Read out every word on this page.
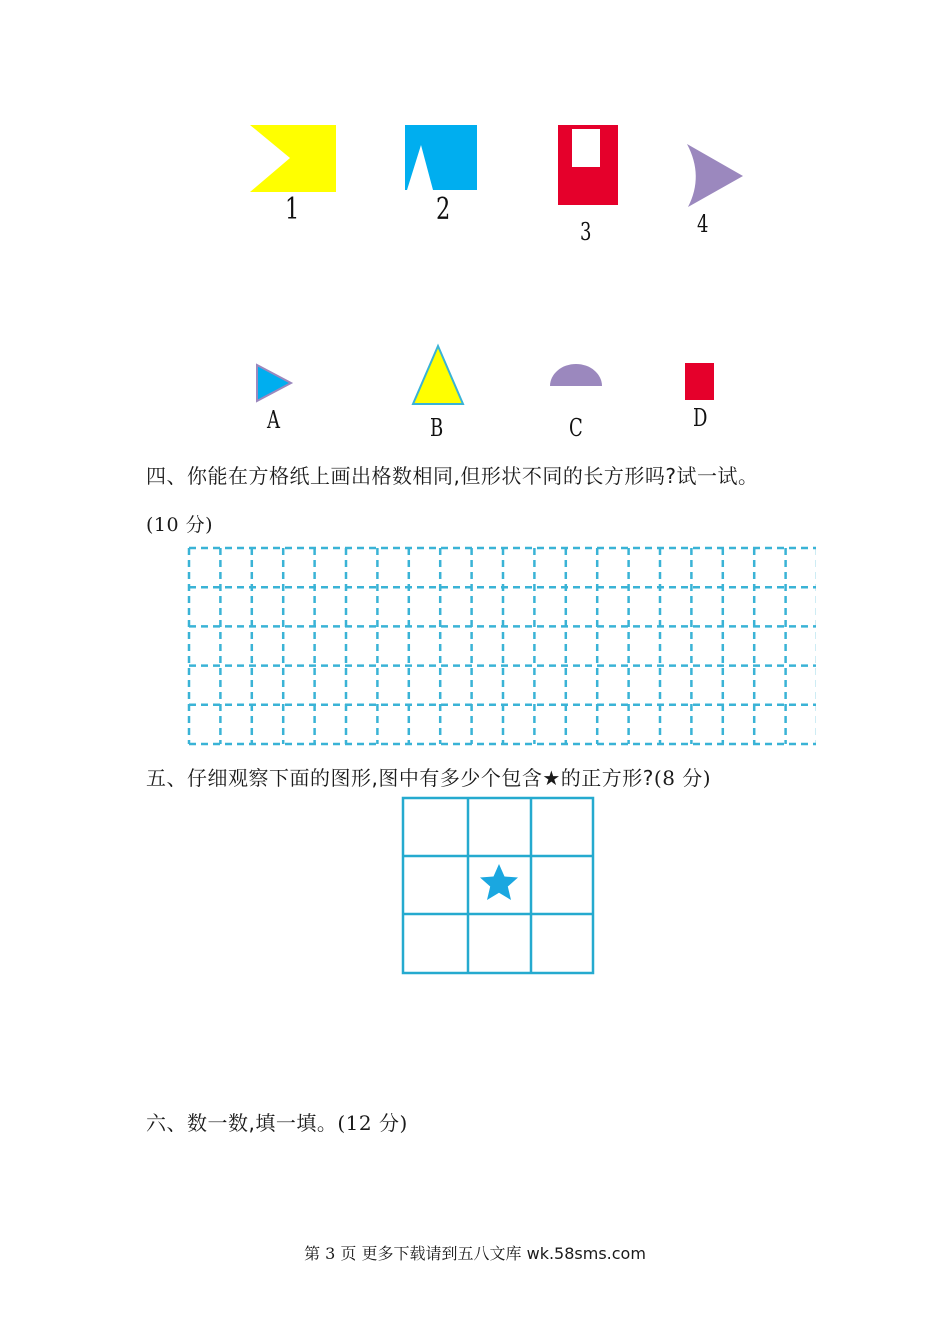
1	2
3	4
A	B	C	D
四、你能在方格纸上画出格数相同,但形状不同的长方形吗?试一试。
(10 分)
五、仔细观察下面的图形,图中有多少个包含★的正方形?(8 分)
六、数一数,填一填。(12 分)
第 3 页 更多下载请到五八文库 wk.58sms.com
